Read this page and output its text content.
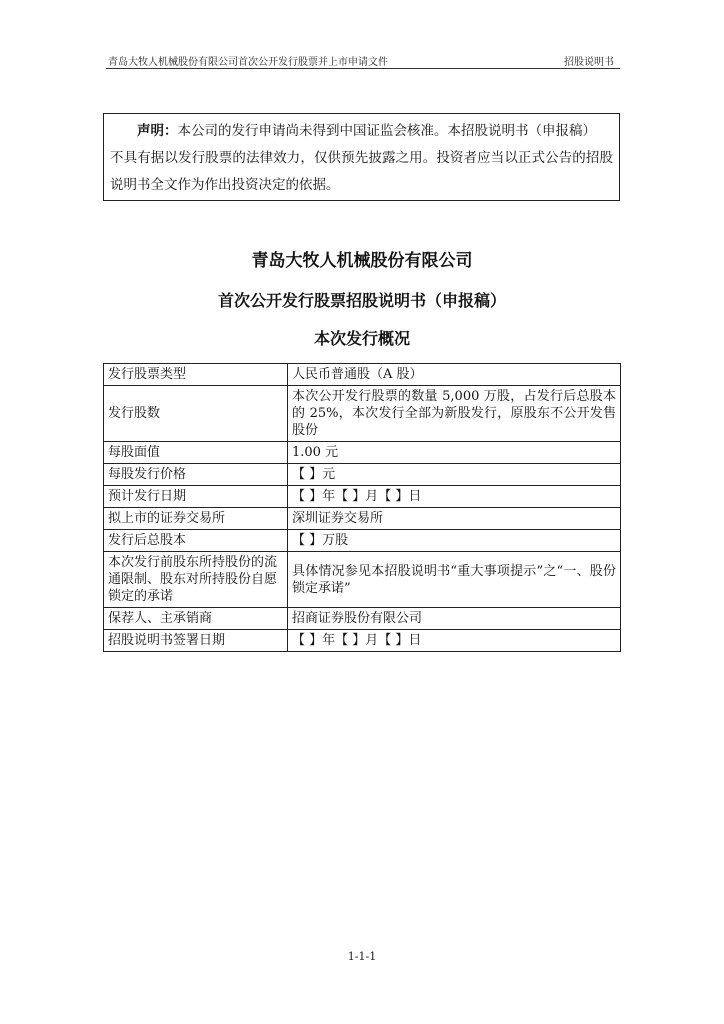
青岛大牧人机械股份有限公司首次公开发行股票并上市申请文件	招股说明书
声明：本公司的发行申请尚未得到中国证监会核准。本招股说明书（申报稿）
不具有据以发行股票的法律效力，仅供预先披露之用。投资者应当以正式公告的招股说明书全文作为作出投资决定的依据。
青岛大牧人机械股份有限公司
首次公开发行股票招股说明书（申报稿）
本次发行概况
发行股票类型	人民币普通股（A 股）
发行股数	本次公开发行股票的数量 5,000 万股，占发行后总股本的 25%，本次发行全部为新股发行，原股东不公开发售股份
每股面值	1.00 元
每股发行价格	【 】元
预计发行日期	【 】年【 】月【 】日
拟上市的证券交易所	深圳证券交易所
发行后总股本	【 】万股
本次发行前股东所持股份的流通限制、股东对所持股份自愿锁定的承诺	具体情况参见本招股说明书“重大事项提示”之“一、股份锁定承诺”
保荐人、主承销商	招商证券股份有限公司
招股说明书签署日期	【 】年【 】月【 】日
1-1-1
